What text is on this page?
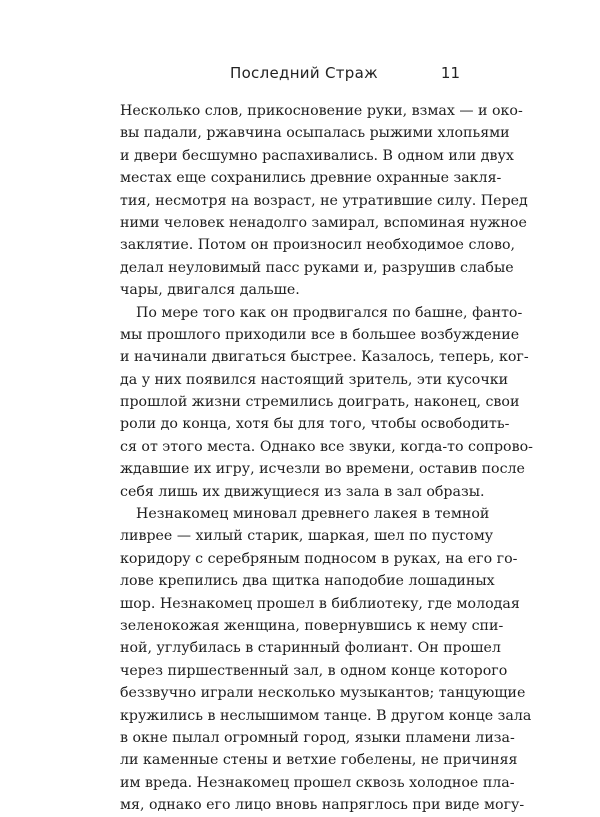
Последний Страж	11
Несколько слов, прикосновение руки, взмах — и око-
вы падали, ржавчина осыпалась рыжими хлопьями
и двери бесшумно распахивались. В одном или двух
местах еще сохранились древние охранные закля-
тия, несмотря на возраст, не утратившие силу. Перед
ними человек ненадолго замирал, вспоминая нужное
заклятие. Потом он произносил необходимое слово,
делал неуловимый пасс руками и, разрушив слабые
чары, двигался дальше.
По мере того как он продвигался по башне, фанто-
мы прошлого приходили все в большее возбуждение
и начинали двигаться быстрее. Казалось, теперь, ког-
да у них появился настоящий зритель, эти кусочки
прошлой жизни стремились доиграть, наконец, свои
роли до конца, хотя бы для того, чтобы освободить-
ся от этого места. Однако все звуки, когда-то сопрово-
ждавшие их игру, исчезли во времени, оставив после
себя лишь их движущиеся из зала в зал образы.
Незнакомец миновал древнего лакея в темной
ливрее — хилый старик, шаркая, шел по пустому
коридору с серебряным подносом в руках, на его го-
лове крепились два щитка наподобие лошадиных
шор. Незнакомец прошел в библиотеку, где молодая
зеленокожая женщина, повернувшись к нему спи-
ной, углубилась в старинный фолиант. Он прошел
через пиршественный зал, в одном конце которого
беззвучно играли несколько музыкантов; танцующие
кружились в неслышимом танце. В другом конце зала
в окне пылал огромный город, языки пламени лиза-
ли каменные стены и ветхие гобелены, не причиняя
им вреда. Незнакомец прошел сквозь холодное пла-
мя, однако его лицо вновь напряглось при виде могу-
